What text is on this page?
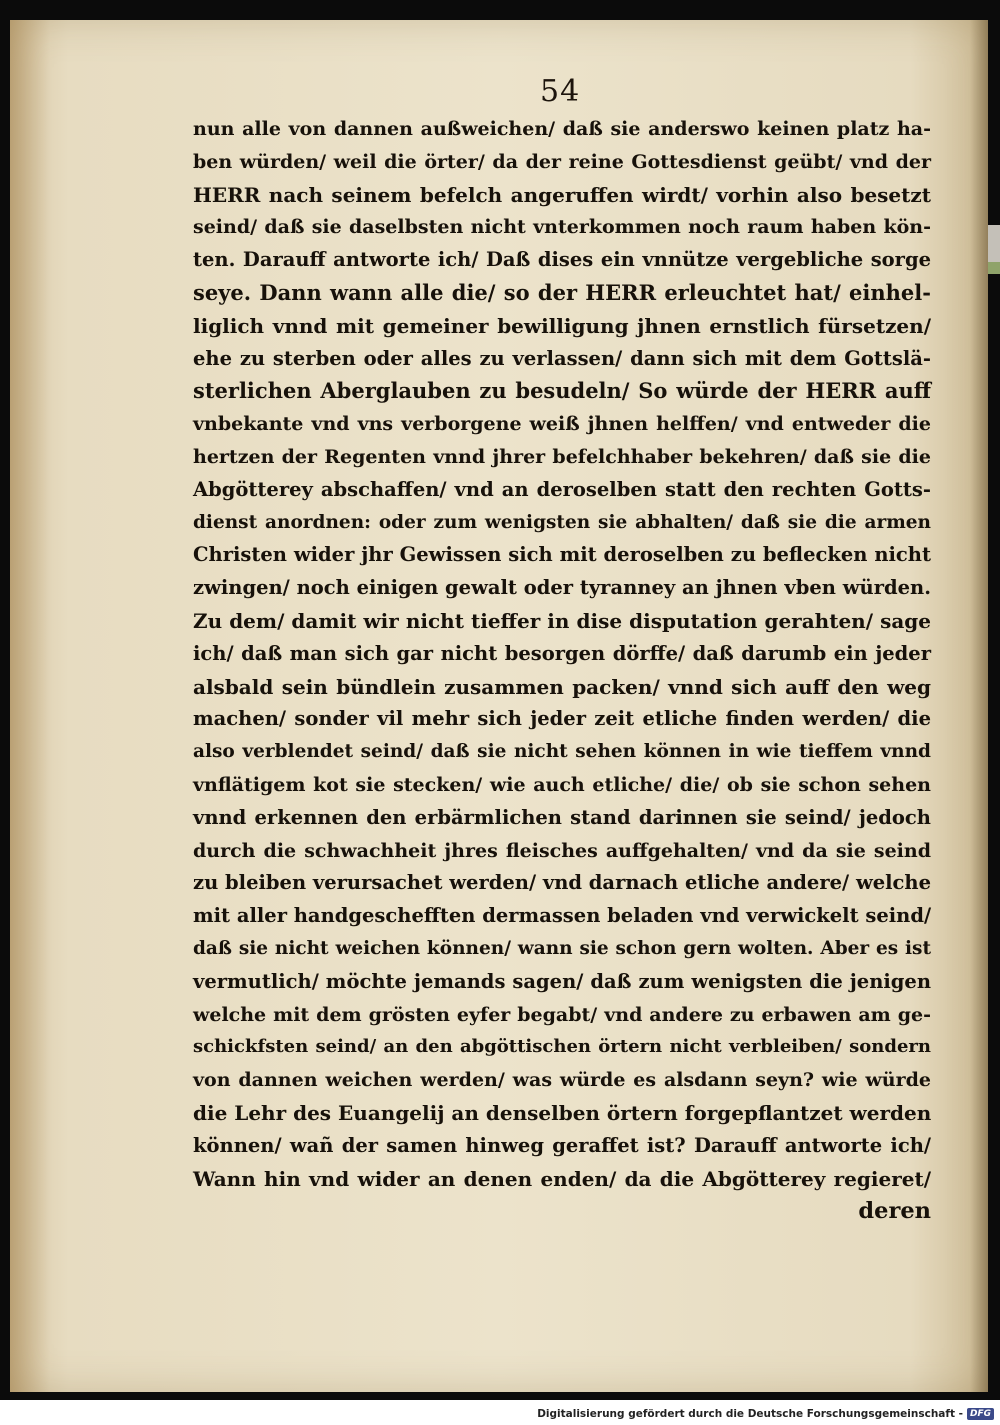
54
nun alle von dannen außweichen/ daß sie anderswo keinen platz ha-
ben würden/ weil die örter/ da der reine Gottesdienst geübt/ vnd der
HERR nach seinem befelch angeruffen wirdt/ vorhin also besetzt
seind/ daß sie daselbsten nicht vnterkommen noch raum haben kön-
ten. Darauff antworte ich/ Daß dises ein vnnütze vergebliche sorge
seye. Dann wann alle die/ so der HERR erleuchtet hat/ einhel-
liglich vnnd mit gemeiner bewilligung jhnen ernstlich fürsetzen/
ehe zu sterben oder alles zu verlassen/ dann sich mit dem Gottslä-
sterlichen Aberglauben zu besudeln/ So würde der HERR auff
vnbekante vnd vns verborgene weiß jhnen helffen/ vnd entweder die
hertzen der Regenten vnnd jhrer befelchhaber bekehren/ daß sie die
Abgötterey abschaffen/ vnd an deroselben statt den rechten Gotts-
dienst anordnen: oder zum wenigsten sie abhalten/ daß sie die armen
Christen wider jhr Gewissen sich mit deroselben zu beflecken nicht
zwingen/ noch einigen gewalt oder tyranney an jhnen vben würden.
Zu dem/ damit wir nicht tieffer in dise disputation gerahten/ sage
ich/ daß man sich gar nicht besorgen dörffe/ daß darumb ein jeder
alsbald sein bündlein zusammen packen/ vnnd sich auff den weg
machen/ sonder vil mehr sich jeder zeit etliche finden werden/ die
also verblendet seind/ daß sie nicht sehen können in wie tieffem vnnd
vnflätigem kot sie stecken/ wie auch etliche/ die/ ob sie schon sehen
vnnd erkennen den erbärmlichen stand darinnen sie seind/ jedoch
durch die schwachheit jhres fleisches auffgehalten/ vnd da sie seind
zu bleiben verursachet werden/ vnd darnach etliche andere/ welche
mit aller handgeschefften dermassen beladen vnd verwickelt seind/
daß sie nicht weichen können/ wann sie schon gern wolten. Aber es ist
vermutlich/ möchte jemands sagen/ daß zum wenigsten die jenigen
welche mit dem grösten eyfer begabt/ vnd andere zu erbawen am ge-
schickfsten seind/ an den abgöttischen örtern nicht verbleiben/ sondern
von dannen weichen werden/ was würde es alsdann seyn? wie würde
die Lehr des Euangelij an denselben örtern forgepflantzet werden
können/ wañ der samen hinweg geraffet ist? Darauff antworte ich/
Wann hin vnd wider an denen enden/ da die Abgötterey regieret/
deren
Digitalisierung gefördert durch die Deutsche Forschungsgemeinschaft - DFG
